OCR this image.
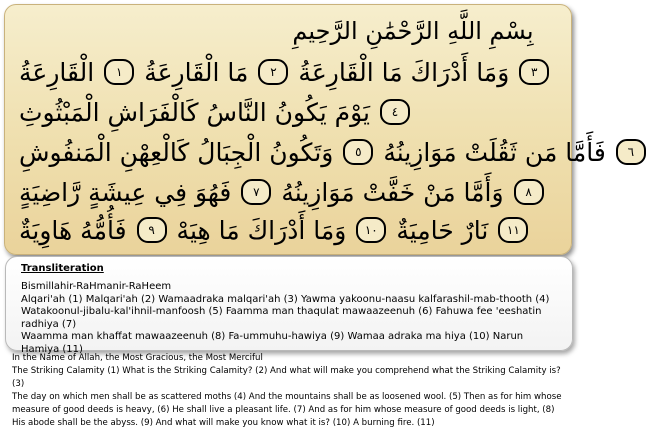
بِسْمِ اللَّهِ الرَّحْمَٰنِ الرَّحِيمِ
الْقَارِعَةُ	١ مَا الْقَارِعَةُ	٢ وَمَا أَدْرَاكَ مَا الْقَارِعَةُ	٣
يَوْمَ يَكُونُ النَّاسُ كَالْفَرَاشِ الْمَبْثُوثِ	٤
وَتَكُونُ الْجِبَالُ كَالْعِهْنِ الْمَنفُوشِ	٥ فَأَمَّا مَن ثَقُلَتْ مَوَازِينُهُ	٦
فَهُوَ فِي عِيشَةٍ رَّاضِيَةٍ	٧ وَأَمَّا مَنْ خَفَّتْ مَوَازِينُهُ	٨
فَأُمُّهُ هَاوِيَةٌ	٩ وَمَا أَدْرَاكَ مَا هِيَهْ	١٠ نَارٌ حَامِيَةٌ	١١
Transliteration
Bismillahir-RaHmanir-RaHeem
Alqari'ah (1) Malqari'ah (2) Wamaadraka malqari'ah (3) Yawma yakoonu-naasu kalfarashil-mab-thooth (4)
Watakoonul-jibalu-kal'ihnil-manfoosh (5) Faamma man thaqulat mawaazeenuh (6) Fahuwa fee 'eeshatin radhiya (7)
Waamma man khaffat mawaazeenuh (8) Fa-ummuhu-hawiya (9) Wamaa adraka ma hiya (10) Narun Hamiya (11)

In the Name of Allah, the Most Gracious, the Most Merciful

The Striking Calamity (1) What is the Striking Calamity? (2) And what will make you comprehend what the Striking Calamity is? (3)

The day on which men shall be as scattered moths (4) And the mountains shall be as loosened wool. (5) Then as for him whose

measure of good deeds is heavy, (6) He shall live a pleasant life. (7) And as for him whose measure of good deeds is light, (8)

His abode shall be the abyss. (9) And what will make you know what it is? (10) A burning fire. (11)
